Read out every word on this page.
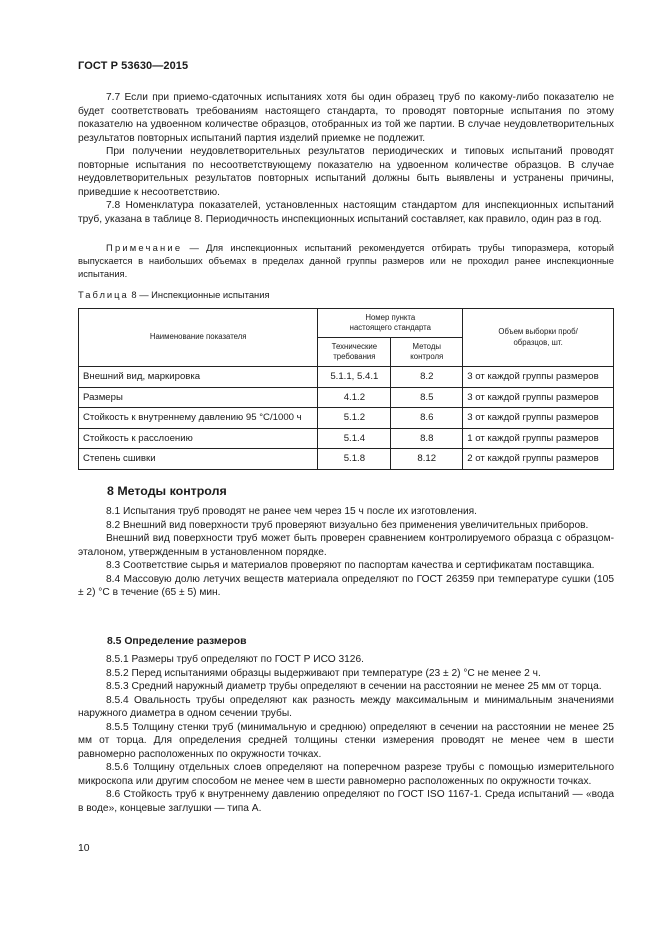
ГОСТ Р 53630—2015

7.7 Если при приемо-сдаточных испытаниях хотя бы один образец труб по какому-либо показателю не будет соответствовать требованиям настоящего стандарта, то проводят повторные испытания по этому показателю на удвоенном количестве образцов, отобранных из той же партии. В случае неудовлетворительных результатов повторных испытаний партия изделий приемке не подлежит.

При получении неудовлетворительных результатов периодических и типовых испытаний проводят повторные испытания по несоответствующему показателю на удвоенном количестве образцов. В случае неудовлетворительных результатов повторных испытаний должны быть выявлены и устранены причины, приведшие к несоответствию.

7.8 Номенклатура показателей, установленных настоящим стандартом для инспекционных испытаний труб, указана в таблице 8. Периодичность инспекционных испытаний составляет, как правило, один раз в год.

Примечание — Для инспекционных испытаний рекомендуется отбирать трубы типоразмера, который выпускается в наибольших объемах в пределах данной группы размеров или не проходил ранее инспекционные испытания.
Таблица 8 — Инспекционные испытания
Наименование показателя	Номер пункта настоящего стандарта		Объем выборки проб/образцов, шт.
	Технические требования	Методы контроля	
Внешний вид, маркировка	5.1.1, 5.4.1	8.2	3 от каждой группы размеров
Размеры	4.1.2	8.5	3 от каждой группы размеров
Стойкость к внутреннему давлению 95 °С/1000 ч	5.1.2	8.6	3 от каждой группы размеров
Стойкость к расслоению	5.1.4	8.8	1 от каждой группы размеров
Степень сшивки	5.1.8	8.12	2 от каждой группы размеров
8 Методы контроля

8.1 Испытания труб проводят не ранее чем через 15 ч после их изготовления.

8.2 Внешний вид поверхности труб проверяют визуально без применения увеличительных приборов.

Внешний вид поверхности труб может быть проверен сравнением контролируемого образца с образцом-эталоном, утвержденным в установленном порядке.

8.3 Соответствие сырья и материалов проверяют по паспортам качества и сертификатам поставщика.

8.4 Массовую долю летучих веществ материала определяют по ГОСТ 26359 при температуре сушки (105 ± 2) °С в течение (65 ± 5) мин.

8.5 Определение размеров

8.5.1 Размеры труб определяют по ГОСТ Р ИСО 3126.

8.5.2 Перед испытаниями образцы выдерживают при температуре (23 ± 2) °С не менее 2 ч.

8.5.3 Средний наружный диаметр трубы определяют в сечении на расстоянии не менее 25 мм от торца.

8.5.4 Овальность трубы определяют как разность между максимальным и минимальным значениями наружного диаметра в одном сечении трубы.

8.5.5 Толщину стенки труб (минимальную и среднюю) определяют в сечении на расстоянии не менее 25 мм от торца. Для определения средней толщины стенки измерения проводят не менее чем в шести равномерно расположенных по окружности точках.

8.5.6 Толщину отдельных слоев определяют на поперечном разрезе трубы с помощью измерительного микроскопа или другим способом не менее чем в шести равномерно расположенных по окружности точках.

8.6 Стойкость труб к внутреннему давлению определяют по ГОСТ ISO 1167-1. Среда испытаний — «вода в воде», концевые заглушки — типа А.

10
